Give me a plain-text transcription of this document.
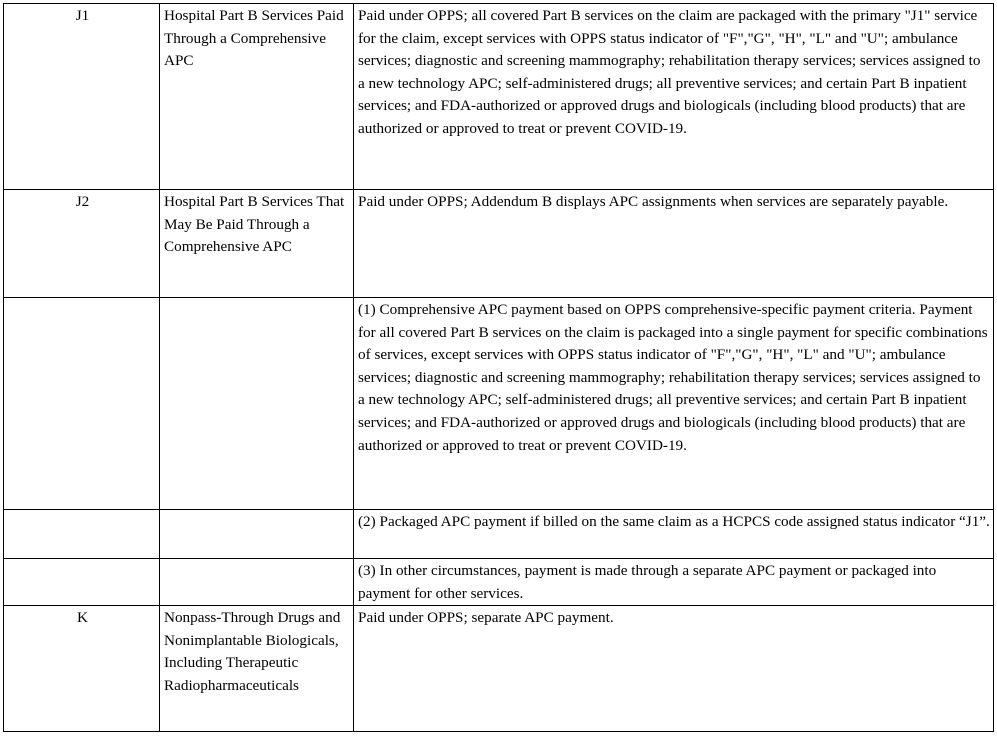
J1	Hospital Part B Services Paid Through a Comprehensive APC	Paid under OPPS; all covered Part B services on the claim are packaged with the primary "J1" service for the claim, except services with OPPS status indicator of "F","G", "H", "L" and "U"; ambulance services; diagnostic and screening mammography; rehabilitation therapy services; services assigned to a new technology APC; self-administered drugs; all preventive services; and certain Part B inpatient services; and FDA-authorized or approved drugs and biologicals (including blood products) that are authorized or approved to treat or prevent COVID-19.
J2	Hospital Part B Services That May Be Paid Through a Comprehensive APC	Paid under OPPS; Addendum B displays APC assignments when services are separately payable.
		(1) Comprehensive APC payment based on OPPS comprehensive-specific payment criteria. Payment for all covered Part B services on the claim is packaged into a single payment for specific combinations of services, except services with OPPS status indicator of "F","G", "H", "L" and "U"; ambulance services; diagnostic and screening mammography; rehabilitation therapy services; services assigned to a new technology APC; self-administered drugs; all preventive services; and certain Part B inpatient services; and FDA-authorized or approved drugs and biologicals (including blood products) that are authorized or approved to treat or prevent COVID-19.
		(2) Packaged APC payment if billed on the same claim as a HCPCS code assigned status indicator “J1”.
		(3) In other circumstances, payment is made through a separate APC payment or packaged into payment for other services.
K	Nonpass-Through Drugs and Nonimplantable Biologicals, Including Therapeutic Radiopharmaceuticals	Paid under OPPS; separate APC payment.
